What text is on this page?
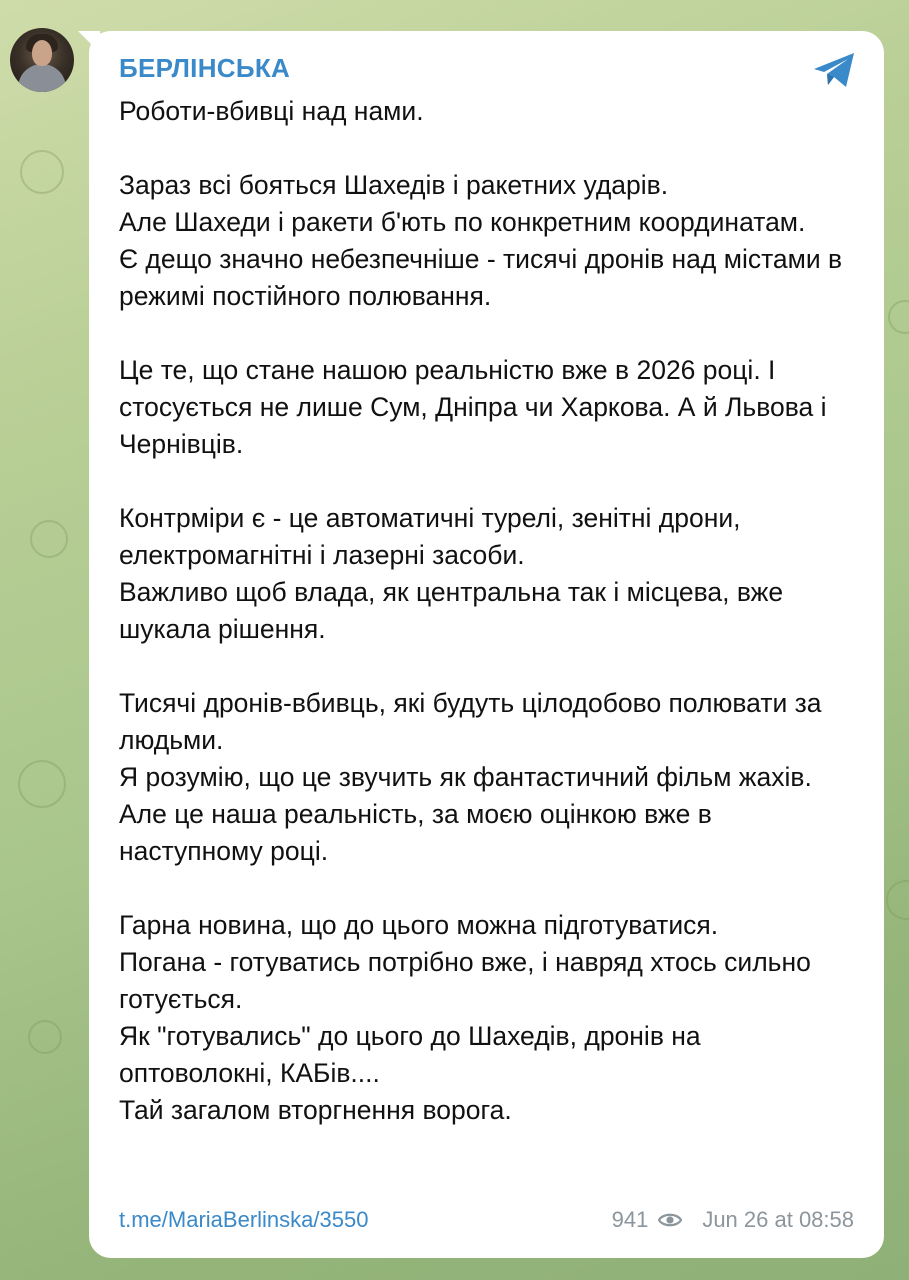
БЕРЛІНСЬКА
Роботи-вбивці над нами.

Зараз всі бояться Шахедів і ракетних ударів.
Але Шахеди і ракети б'ють по конкретним координатам.
Є дещо значно небезпечніше - тисячі дронів над містами в режимі постійного полювання.

Це те, що стане нашою реальністю вже в 2026 році. І стосується не лише Сум, Дніпра чи Харкова. А й Львова і Чернівців.

Контрміри є - це автоматичні турелі, зенітні дрони, електромагнітні і лазерні засоби.
Важливо щоб влада, як центральна так і місцева, вже шукала рішення.

Тисячі дронів-вбивць, які будуть цілодобово полювати за людьми.
Я розумію, що це звучить як фантастичний фільм жахів.
Але це наша реальність, за моєю оцінкою вже в наступному році.

Гарна новина, що до цього можна підготуватися.
Погана - готуватись потрібно вже, і навряд хтось сильно готується.
Як "готувались" до цього до Шахедів, дронів на оптоволокні, КАБів....
Тай загалом вторгнення ворога.
t.me/MariaBerlinska/3550	941 Jun 26 at 08:58
